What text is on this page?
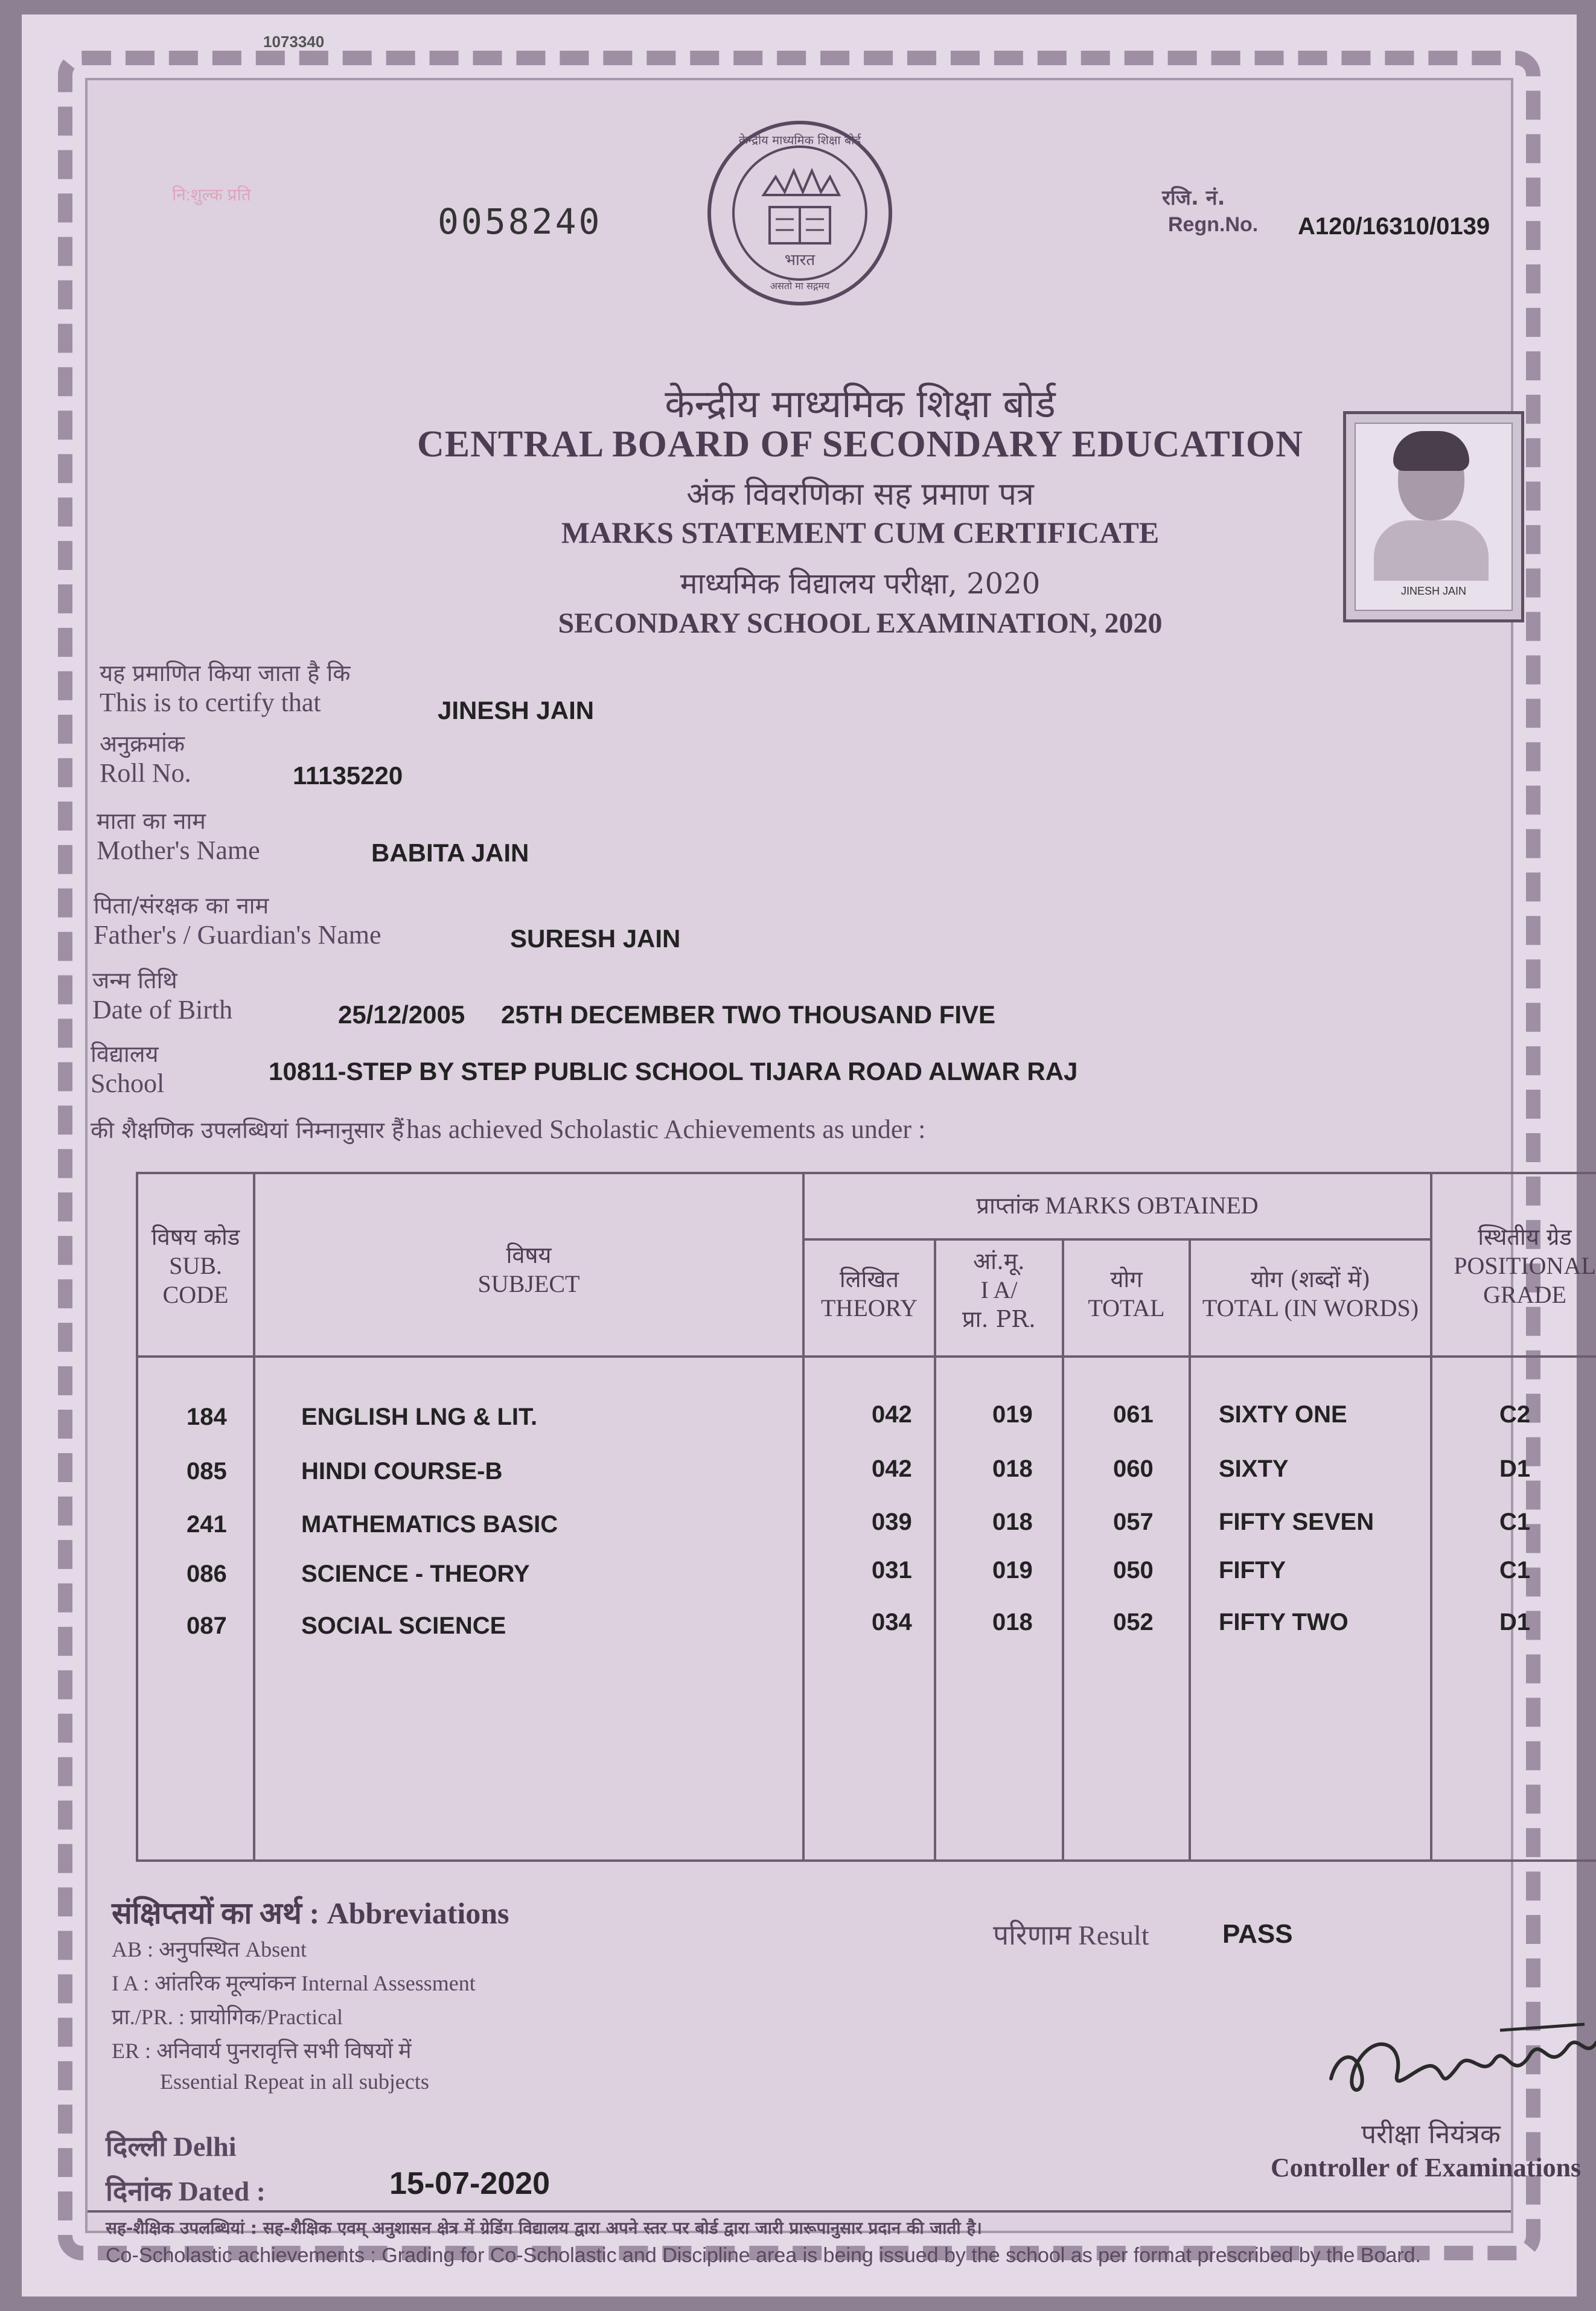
1073340
नि:शुल्क प्रति
0058240
केन्द्रीय माध्यमिक शिक्षा बोर्ड
भारत
असतो मा सद्गमय
रजि. नं.
Regn.No. A120/16310/0139
केन्द्रीय माध्यमिक शिक्षा बोर्ड
CENTRAL BOARD OF SECONDARY EDUCATION
अंक विवरणिका सह प्रमाण पत्र
MARKS STATEMENT CUM CERTIFICATE
माध्यमिक विद्यालय परीक्षा, 2020
SECONDARY SCHOOL EXAMINATION, 2020
JINESH JAIN
यह प्रमाणित किया जाता है कि
This is to certify that	JINESH JAIN
अनुक्रमांक
Roll No.	11135220
माता का नाम
Mother's Name	BABITA JAIN
पिता/संरक्षक का नाम
Father's / Guardian's Name	SURESH JAIN
जन्म तिथि
Date of Birth	25/12/2005 25TH DECEMBER TWO THOUSAND FIVE
विद्यालय
School	10811-STEP BY STEP PUBLIC SCHOOL TIJARA ROAD ALWAR RAJ
की शैक्षणिक उपलब्धियां निम्नानुसार हैं has achieved Scholastic Achievements as under :
विषय कोड
SUB.
CODE
विषय
SUBJECT
प्राप्तांक MARKS OBTAINED
लिखित
THEORY
आं.मू.
I A/
प्रा. PR.
योग
TOTAL
योग (शब्दों में)
TOTAL (IN WORDS)
स्थितीय ग्रेड
POSITIONAL
GRADE
184	ENGLISH LNG & LIT.	042	019	061	SIXTY ONE	C2
085	HINDI COURSE-B	042	018	060	SIXTY	D1
241	MATHEMATICS BASIC	039	018	057	FIFTY SEVEN	C1
086	SCIENCE - THEORY	031	019	050	FIFTY	C1
087	SOCIAL SCIENCE	034	018	052	FIFTY TWO	D1
संक्षिप्तयों का अर्थ : Abbreviations
AB : अनुपस्थित Absent
I A : आंतरिक मूल्यांकन Internal Assessment
प्रा./PR. : प्रायोगिक/Practical
ER : अनिवार्य पुनरावृत्ति सभी विषयों में
Essential Repeat in all subjects
परिणाम Result	PASS
परीक्षा नियंत्रक
Controller of Examinations
दिल्ली Delhi
दिनांक Dated :	15-07-2020
सह-शैक्षिक उपलब्धियां : सह-शैक्षिक एवम् अनुशासन क्षेत्र में ग्रेडिंग विद्यालय द्वारा अपने स्तर पर बोर्ड द्वारा जारी प्रारूपानुसार प्रदान की जाती है।
Co-Scholastic achievements : Grading for Co-Scholastic and Discipline area is being issued by the school as per format prescribed by the Board.
